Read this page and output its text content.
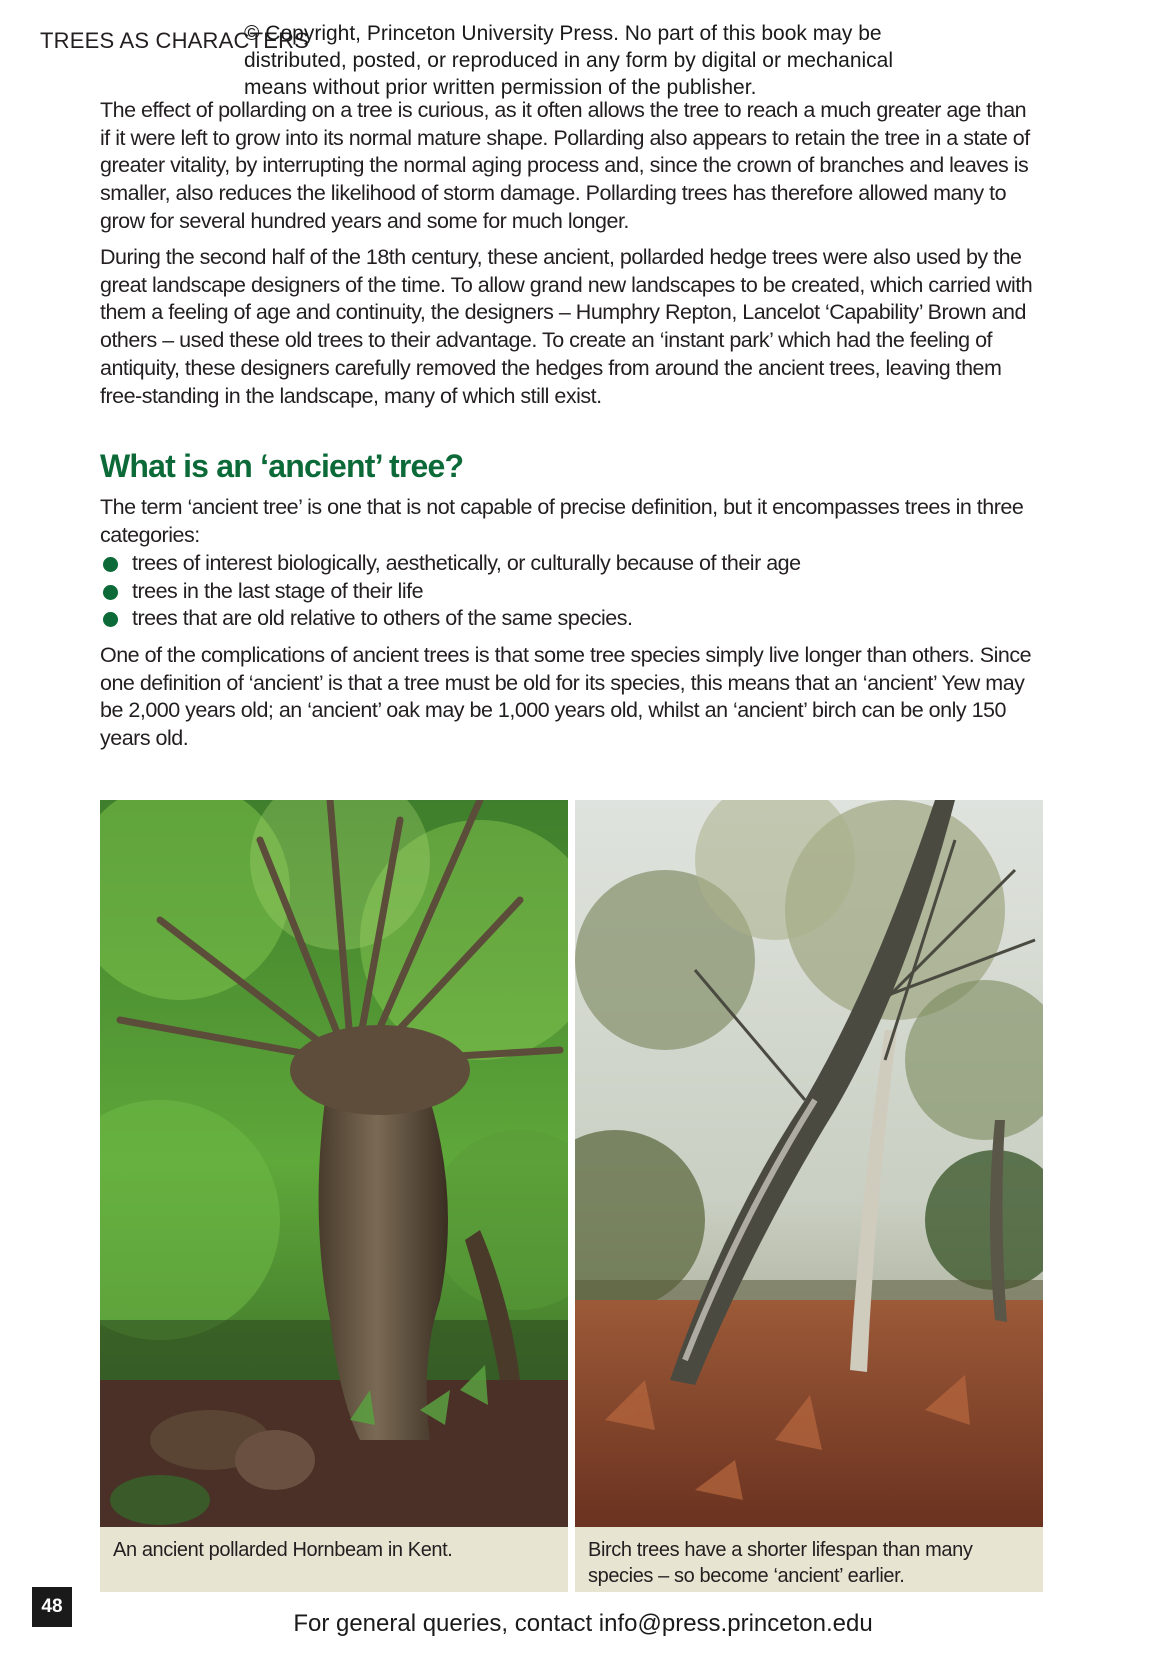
TREES AS CHARACTERS
© Copyright, Princeton University Press. No part of this book may be
distributed, posted, or reproduced in any form by digital or mechanical
means without prior written permission of the publisher.

The effect of pollarding on a tree is curious, as it often allows the tree to reach a much greater age than if it were left to grow into its normal mature shape. Pollarding also appears to retain the tree in a state of greater vitality, by interrupting the normal aging process and, since the crown of branches and leaves is smaller, also reduces the likelihood of storm damage. Pollarding trees has therefore allowed many to grow for several hundred years and some for much longer.

During the second half of the 18th century, these ancient, pollarded hedge trees were also used by the great landscape designers of the time. To allow grand new landscapes to be created, which carried with them a feeling of age and continuity, the designers – Humphry Repton, Lancelot ‘Capability’ Brown and others – used these old trees to their advantage. To create an ‘instant park’ which had the feeling of antiquity, these designers carefully removed the hedges from around the ancient trees, leaving them free-standing in the landscape, many of which still exist.

What is an ‘ancient’ tree?

The term ‘ancient tree’ is one that is not capable of precise definition, but it encompasses trees in three categories:

trees of interest biologically, aesthetically, or culturally because of their age
trees in the last stage of their life
trees that are old relative to others of the same species.

One of the complications of ancient trees is that some tree species simply live longer than others. Since one definition of ‘ancient’ is that a tree must be old for its species, this means that an ‘ancient’ Yew may be 2,000 years old; an ‘ancient’ oak may be 1,000 years old, whilst an ‘ancient’ birch can be only 150 years old.

An ancient pollarded Hornbeam in Kent.	Birch trees have a shorter lifespan than many species – so become ‘ancient’ earlier.
48
For general queries, contact info@press.princeton.edu
